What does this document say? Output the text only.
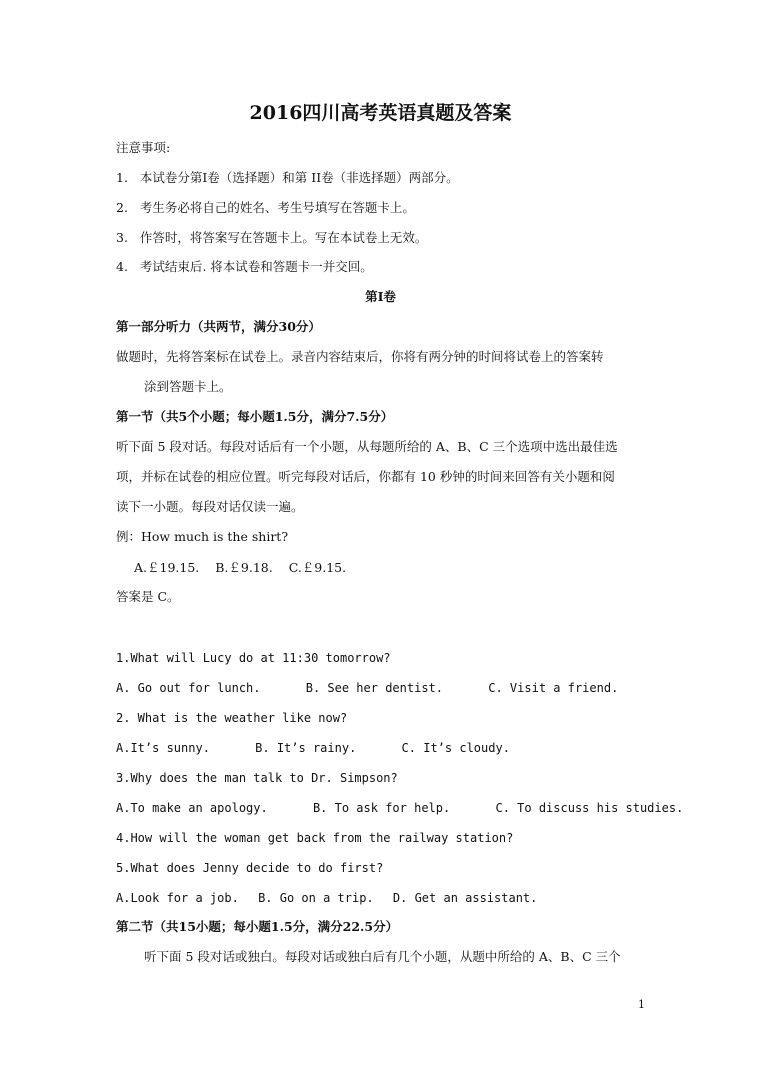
2016四川高考英语真题及答案
注意事项:
1. 本试卷分第Ⅰ卷（选择题）和第 II卷（非选择题）两部分。
2. 考生务必将自己的姓名、考生号填写在答题卡上。
3. 作答时，将答案写在答题卡上。写在本试卷上无效。
4. 考试结束后. 将本试卷和答题卡一并交回。
第Ⅰ卷
第一部分听力（共两节，满分30分）
做题时，先将答案标在试卷上。录音内容结束后，你将有两分钟的时间将试卷上的答案转
涂到答题卡上。
第一节（共5个小题；每小题1.5分，满分7.5分）
听下面 5 段对话。每段对话后有一个小题，从每题所给的 A、B、C 三个选项中选出最佳选
项，并标在试卷的相应位置。听完每段对话后，你都有 10 秒钟的时间来回答有关小题和阅
读下一小题。每段对话仅读一遍。
例：How much is the shirt?
A.￡19.15. B.￡9.18. C.￡9.15.
答案是 C。
1.What will Lucy do at 11:30 tomorrow?
A. Go out for lunch.	B. See her dentist.	C. Visit a friend.
2. What is the weather like now?
A.It’s sunny.	B. It’s rainy.	C. It’s cloudy.
3.Why does the man talk to Dr. Simpson?
A.To make an apology.	B. To ask for help.	C. To discuss his studies.
4.How will the woman get back from the railway station?
5.What does Jenny decide to do first?
A.Look for a job. B. Go on a trip. D. Get an assistant.
第二节（共15小题；每小题1.5分，满分22.5分）
听下面 5 段对话或独白。每段对话或独白后有几个小题，从题中所给的 A、B、C 三个
1
